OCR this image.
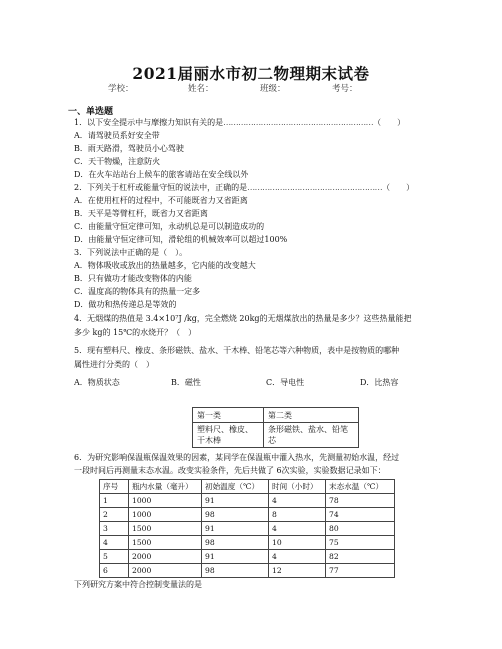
2021届丽水市初二物理期末试卷
学校：	姓名：	班级：	考号：
一、单选题
1．以下安全提示中与摩擦力知识有关的是……………………………………………………（　　）
A．请驾驶员系好安全带
B．雨天路滑，驾驶员小心驾驶
C．天干物燥，注意防火
D．在火车站站台上候车的旅客请站在安全线以外
2．下列关于杠杆或能量守恒的说法中，正确的是………………………………………………（　　）
A．在使用杠杆的过程中，不可能既省力又省距离
B．天平是等臂杠杆，既省力又省距离
C．由能量守恒定律可知，永动机总是可以制造成功的
D．由能量守恒定律可知，滑轮组的机械效率可以超过100%
3．下列说法中正确的是（　）。
A．物体吸收或放出的热量越多，它内能的改变越大
B．只有做功才能改变物体的内能
C．温度高的物体具有的热量一定多
D．做功和热传递总是等效的
4．无烟煤的热值是 3.4×10⁷J /kg，完全燃烧 20kg的无烟煤放出的热量是多少？这些热量能把
多少 kg的 15℃的水烧开？（　）
5．现有塑料尺、橡皮、条形磁铁、盐水、干木棒、铅笔芯等六种物质，表中是按物质的哪种
属性进行分类的（　）
A．物质状态	B．磁性	C．导电性	D．比热容
第一类	第二类
塑料尺、橡皮、干木棒	条形磁铁、盐水、铅笔芯
6．为研究影响保温瓶保温效果的因素，某同学在保温瓶中灌入热水，先测量初始水温，经过
一段时间后再测量末态水温。改变实验条件，先后共做了 6次实验，实验数据记录如下：
序号	瓶内水量（毫升）	初始温度（℃）	时间（小时）	末态水温（℃）
1	1000	91	4	78
2	1000	98	8	74
3	1500	91	4	80
4	1500	98	10	75
5	2000	91	4	82
6	2000	98	12	77
下列研究方案中符合控制变量法的是
